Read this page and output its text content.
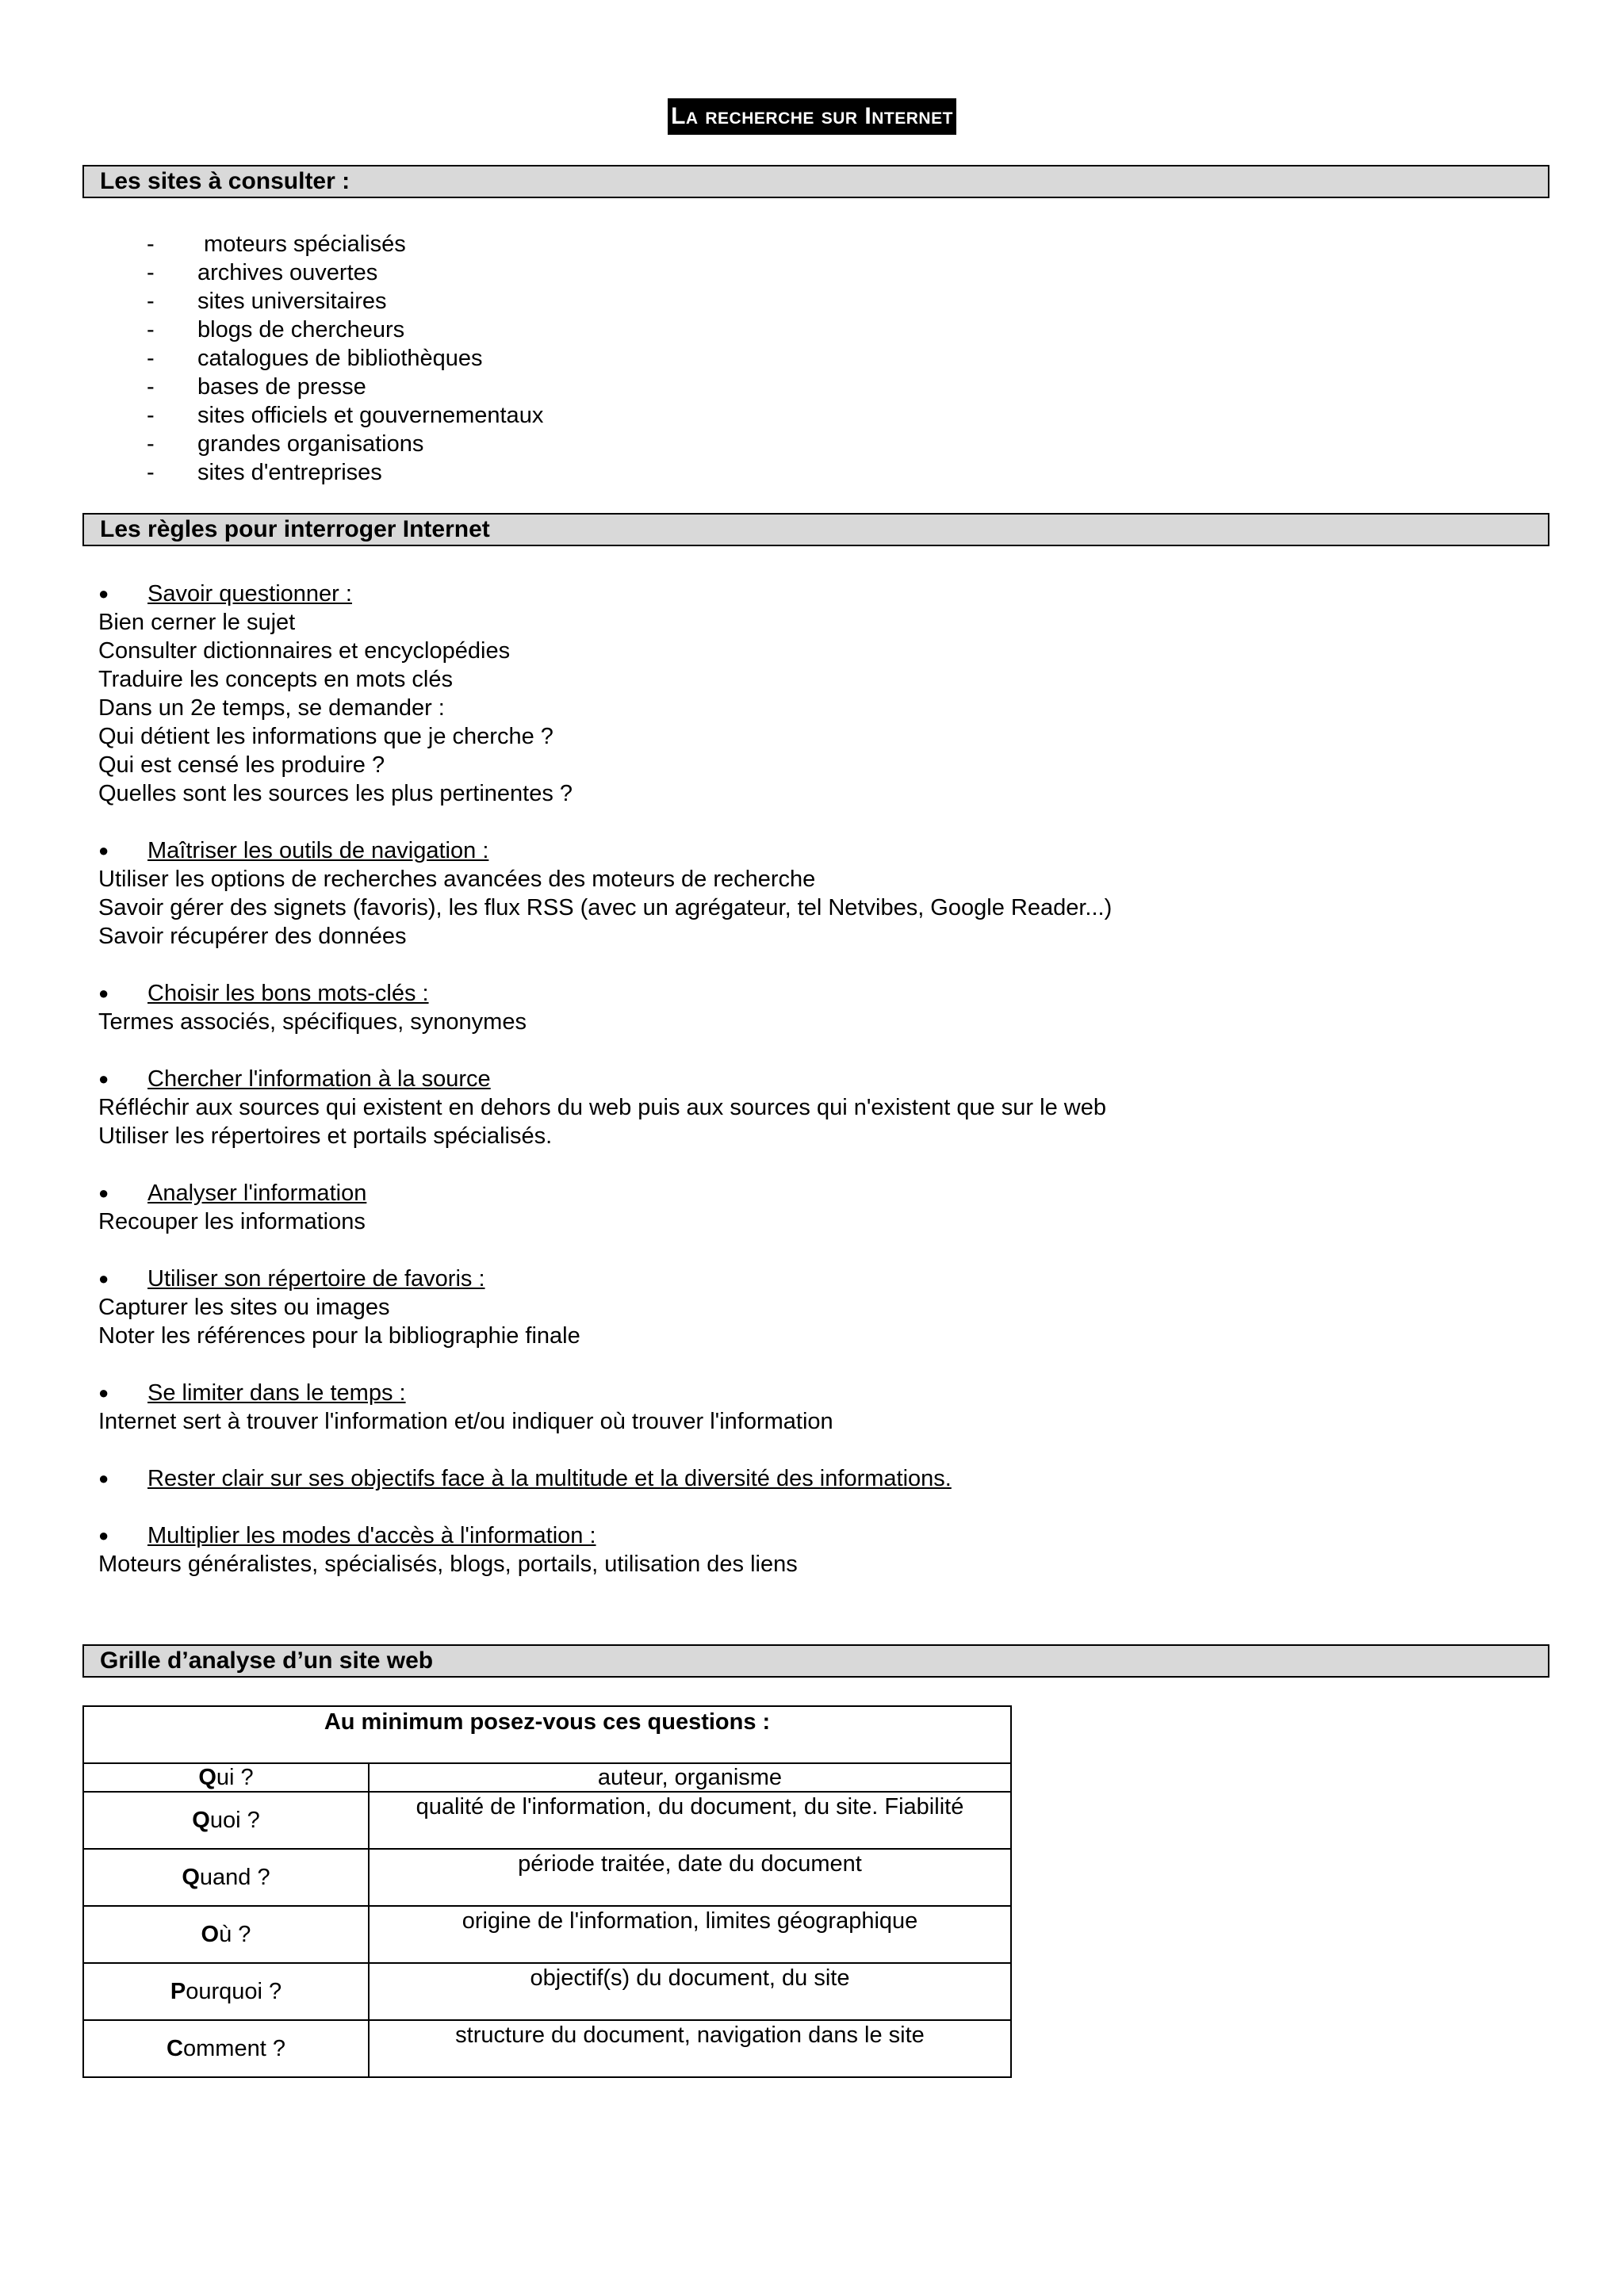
La recherche sur Internet
Les sites à consulter :
-	moteurs spécialisés
-	archives ouvertes
-	sites universitaires
-	blogs de chercheurs
-	catalogues de bibliothèques
-	bases de presse
-	sites officiels et gouvernementaux
-	grandes organisations
-	sites d'entreprises
Les règles pour interroger Internet
● Savoir questionner :
Bien cerner le sujet
Consulter dictionnaires et encyclopédies
Traduire les concepts en mots clés
Dans un 2e temps, se demander :
Qui détient les informations que je cherche ?
Qui est censé les produire ?
Quelles sont les sources les plus pertinentes ?
● Maîtriser les outils de navigation :
Utiliser les options de recherches avancées des moteurs de recherche
Savoir gérer des signets (favoris), les flux RSS (avec un agrégateur, tel Netvibes, Google Reader...)
Savoir récupérer des données
● Choisir les bons mots-clés :
Termes associés, spécifiques, synonymes
● Chercher l'information à la source
Réfléchir aux sources qui existent en dehors du web puis aux sources qui n'existent que sur le web
Utiliser les répertoires et portails spécialisés.
● Analyser l'information
Recouper les informations
● Utiliser son répertoire de favoris :
Capturer les sites ou images
Noter les références pour la bibliographie finale
● Se limiter dans le temps :
Internet sert à trouver l'information et/ou indiquer où trouver l'information
● Rester clair sur ses objectifs face à la multitude et la diversité des informations.
● Multiplier les modes d'accès à l'information :
Moteurs généralistes, spécialisés, blogs, portails, utilisation des liens
Grille d’analyse d’un site web
Au minimum posez-vous ces questions :	
Qui ?	auteur, organisme
Quoi ?	qualité de l'information, du document, du site. Fiabilité
Quand ?	période traitée, date du document
Où ?	origine de l'information, limites géographique
Pourquoi ?	objectif(s) du document, du site
Comment ?	structure du document, navigation dans le site
